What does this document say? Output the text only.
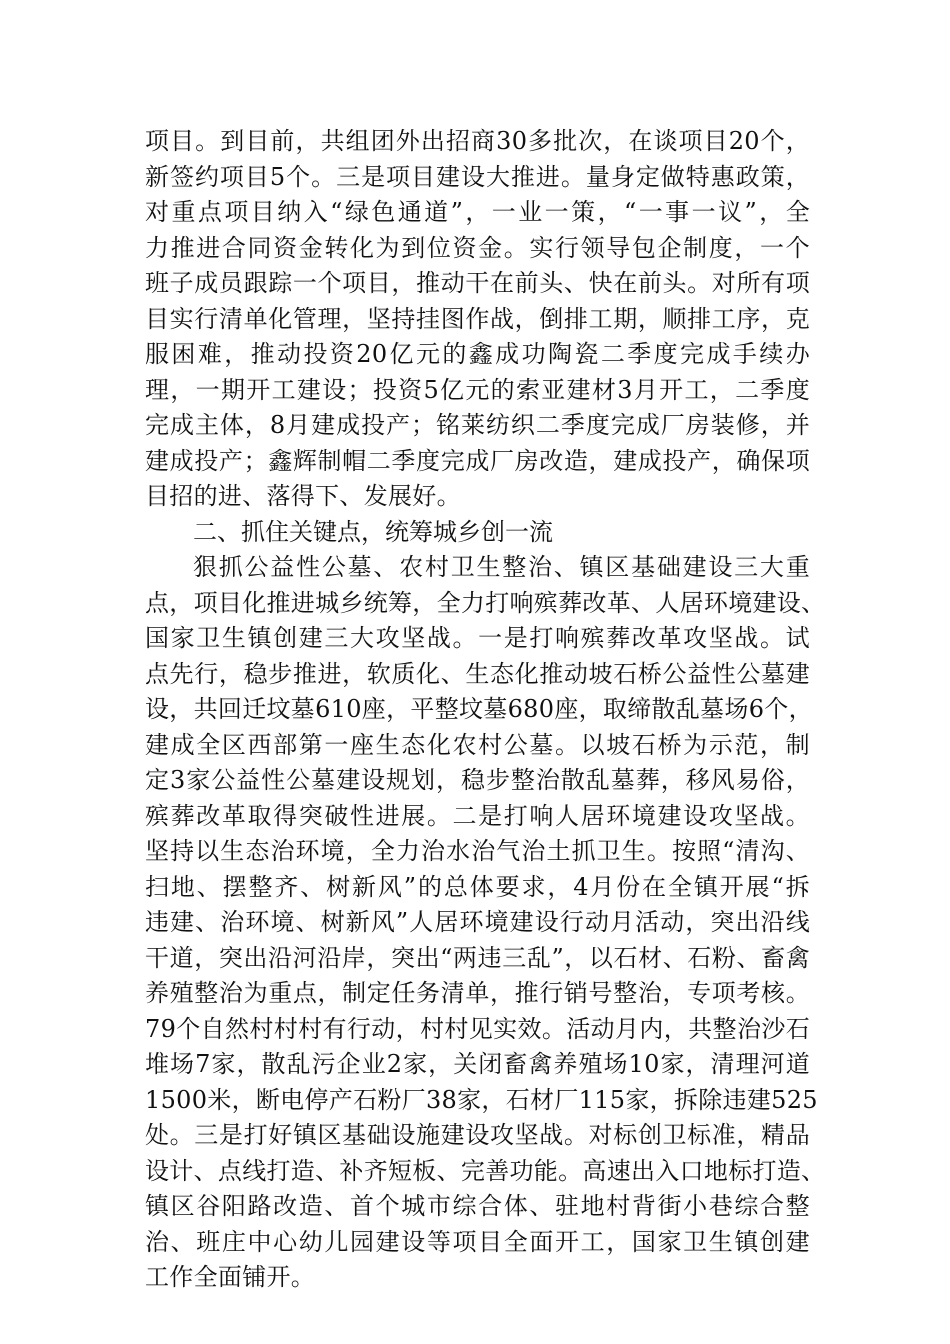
项目。到目前，共组团外出招商30多批次，在谈项目20个，
新签约项目5个。三是项目建设大推进。量身定做特惠政策，
对重点项目纳入“绿色通道”，一业一策，“一事一议”，全
力推进合同资金转化为到位资金。实行领导包企制度，一个
班子成员跟踪一个项目，推动干在前头、快在前头。对所有项
目实行清单化管理，坚持挂图作战，倒排工期，顺排工序，克
服困难，推动投资20亿元的鑫成功陶瓷二季度完成手续办
理，一期开工建设；投资5亿元的索亚建材3月开工，二季度
完成主体，8月建成投产；铭莱纺织二季度完成厂房装修，并
建成投产；鑫辉制帽二季度完成厂房改造，建成投产，确保项
目招的进、落得下、发展好。
二、抓住关键点，统筹城乡创一流
狠抓公益性公墓、农村卫生整治、镇区基础建设三大重
点，项目化推进城乡统筹，全力打响殡葬改革、人居环境建设、
国家卫生镇创建三大攻坚战。一是打响殡葬改革攻坚战。试
点先行，稳步推进，软质化、生态化推动坡石桥公益性公墓建
设，共回迁坟墓610座，平整坟墓680座，取缔散乱墓场6个，
建成全区西部第一座生态化农村公墓。以坡石桥为示范，制
定3家公益性公墓建设规划，稳步整治散乱墓葬，移风易俗，
殡葬改革取得突破性进展。二是打响人居环境建设攻坚战。
坚持以生态治环境，全力治水治气治土抓卫生。按照“清沟、
扫地、摆整齐、树新风”的总体要求，4月份在全镇开展“拆
违建、治环境、树新风”人居环境建设行动月活动，突出沿线
干道，突出沿河沿岸，突出“两违三乱”，以石材、石粉、畜禽
养殖整治为重点，制定任务清单，推行销号整治，专项考核。
79个自然村村村有行动，村村见实效。活动月内，共整治沙石
堆场7家，散乱污企业2家，关闭畜禽养殖场10家，清理河道
1500米，断电停产石粉厂38家，石材厂115家，拆除违建525
处。三是打好镇区基础设施建设攻坚战。对标创卫标准，精品
设计、点线打造、补齐短板、完善功能。高速出入口地标打造、
镇区谷阳路改造、首个城市综合体、驻地村背街小巷综合整
治、班庄中心幼儿园建设等项目全面开工，国家卫生镇创建
工作全面铺开。
